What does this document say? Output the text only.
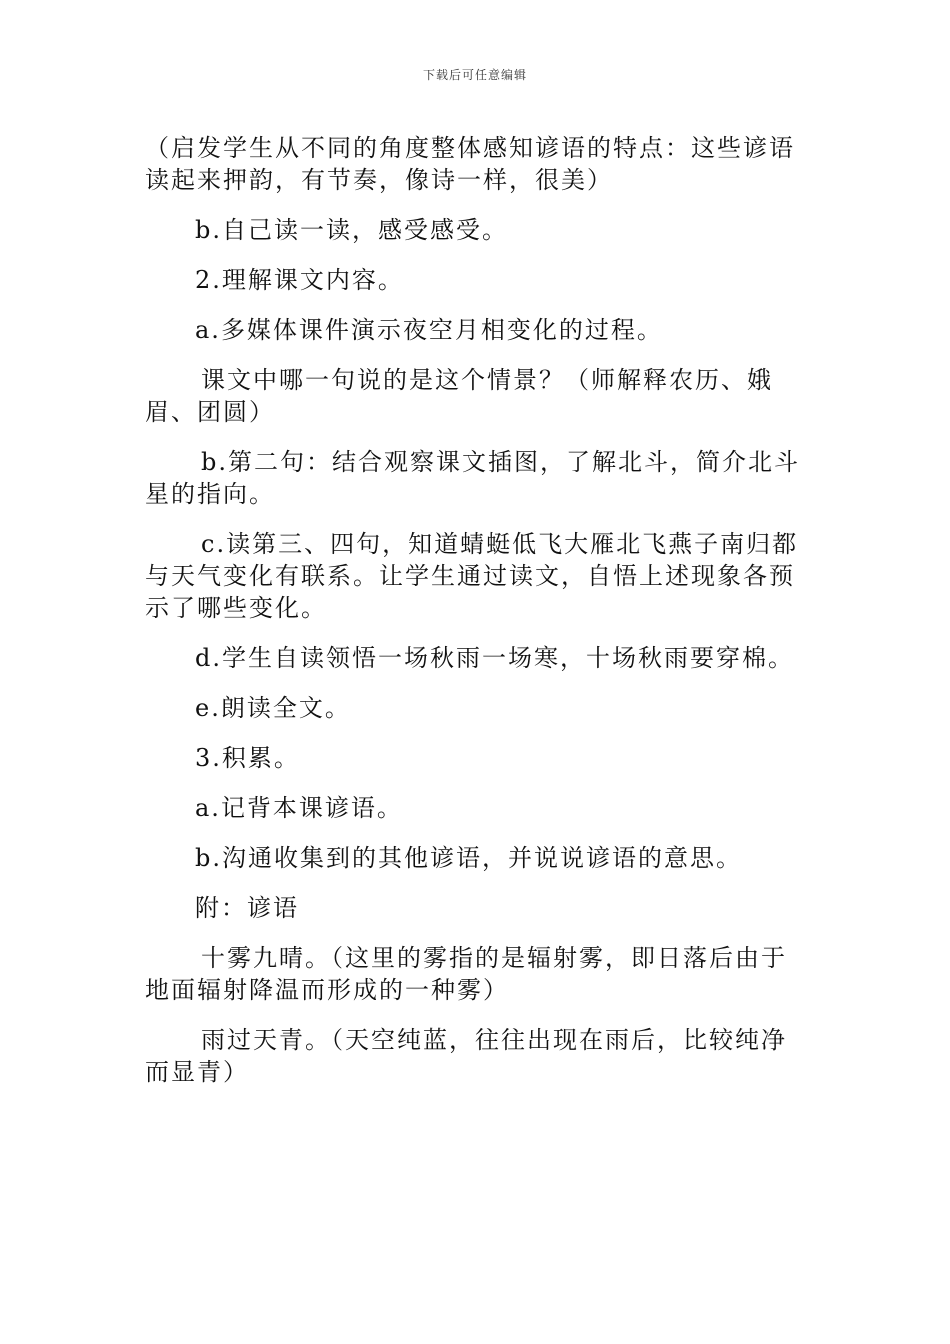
下载后可任意编辑

（启发学生从不同的角度整体感知谚语的特点：这些谚语读起来押韵，有节奏，像诗一样，很美）

b.自己读一读，感受感受。

2.理解课文内容。

a.多媒体课件演示夜空月相变化的过程。

课文中哪一句说的是这个情景？（师解释农历、娥眉、团圆）

b.第二句：结合观察课文插图，了解北斗，简介北斗星的指向。

c.读第三、四句，知道蜻蜓低飞大雁北飞燕子南归都与天气变化有联系。让学生通过读文，自悟上述现象各预示了哪些变化。

d.学生自读领悟一场秋雨一场寒，十场秋雨要穿棉。

e.朗读全文。

3.积累。

a.记背本课谚语。

b.沟通收集到的其他谚语，并说说谚语的意思。

附：谚语

十雾九晴。（这里的雾指的是辐射雾，即日落后由于地面辐射降温而形成的一种雾）

雨过天青。（天空纯蓝，往往出现在雨后，比较纯净而显青）
